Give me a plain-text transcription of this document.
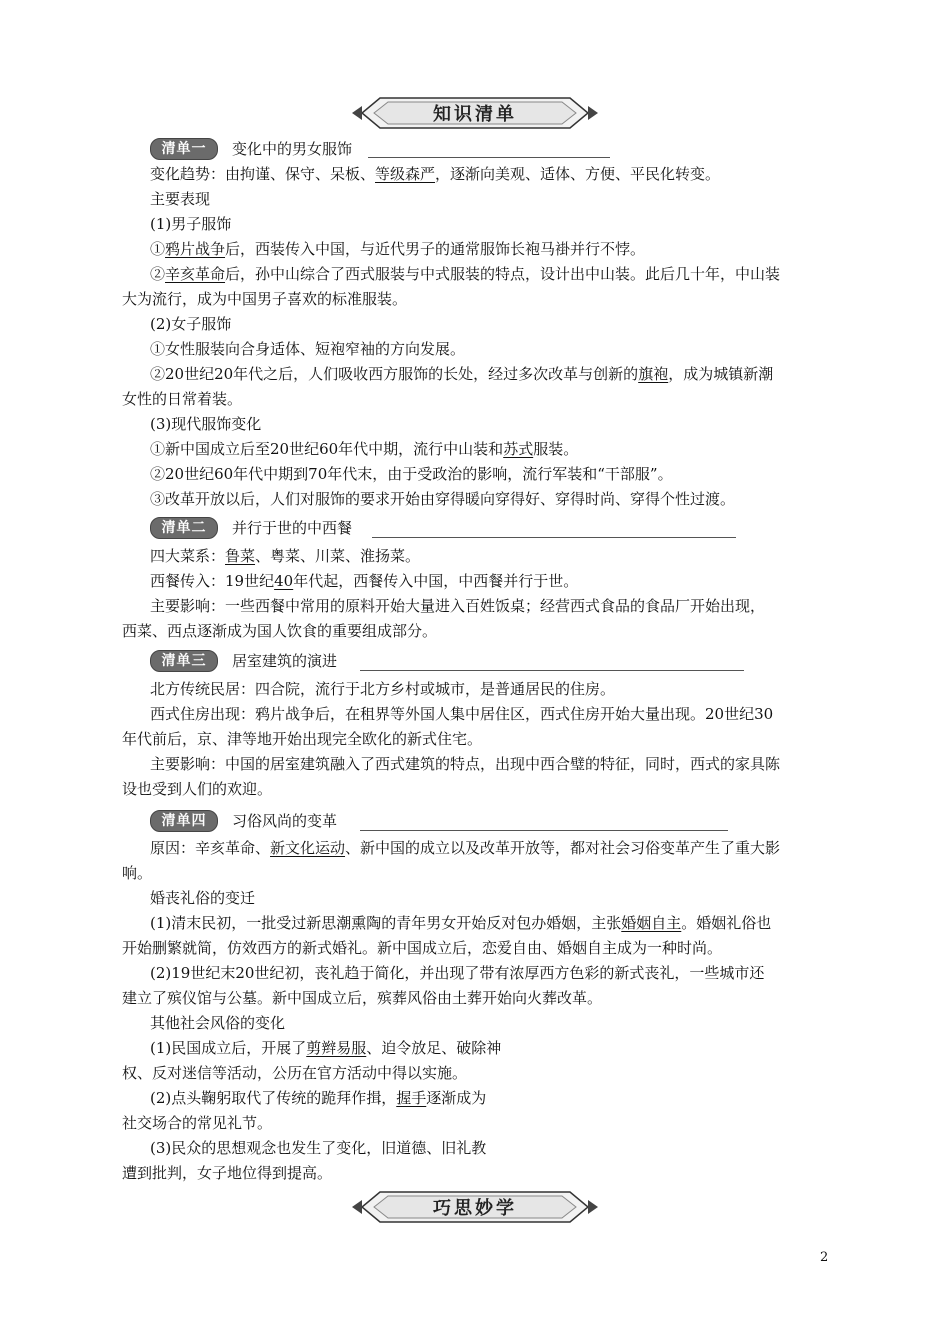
知识清单
清单一	变化中的男女服饰
变化趋势：由拘谨、保守、呆板、等级森严，逐渐向美观、适体、方便、平民化转变。
主要表现
(1)男子服饰
①鸦片战争后，西装传入中国，与近代男子的通常服饰长袍马褂并行不悖。
②辛亥革命后，孙中山综合了西式服装与中式服装的特点，设计出中山装。此后几十年，中山装
大为流行，成为中国男子喜欢的标准服装。
(2)女子服饰
①女性服装向合身适体、短袍窄袖的方向发展。
②20世纪20年代之后，人们吸收西方服饰的长处，经过多次改革与创新的旗袍，成为城镇新潮
女性的日常着装。
(3)现代服饰变化
①新中国成立后至20世纪60年代中期，流行中山装和苏式服装。
②20世纪60年代中期到70年代末，由于受政治的影响，流行军装和“干部服”。
③改革开放以后，人们对服饰的要求开始由穿得暖向穿得好、穿得时尚、穿得个性过渡。
清单二	并行于世的中西餐
四大菜系：鲁菜、粤菜、川菜、淮扬菜。
西餐传入：19世纪40年代起，西餐传入中国，中西餐并行于世。
主要影响：一些西餐中常用的原料开始大量进入百姓饭桌；经营西式食品的食品厂开始出现，
西菜、西点逐渐成为国人饮食的重要组成部分。
清单三	居室建筑的演进
北方传统民居：四合院，流行于北方乡村或城市，是普通居民的住房。
西式住房出现：鸦片战争后，在租界等外国人集中居住区，西式住房开始大量出现。20世纪30
年代前后，京、津等地开始出现完全欧化的新式住宅。
主要影响：中国的居室建筑融入了西式建筑的特点，出现中西合璧的特征，同时，西式的家具陈
设也受到人们的欢迎。
清单四	习俗风尚的变革
原因：辛亥革命、新文化运动、新中国的成立以及改革开放等，都对社会习俗变革产生了重大影
响。
婚丧礼俗的变迁
(1)清末民初，一批受过新思潮熏陶的青年男女开始反对包办婚姻，主张婚姻自主。婚姻礼俗也
开始删繁就简，仿效西方的新式婚礼。新中国成立后，恋爱自由、婚姻自主成为一种时尚。
(2)19世纪末20世纪初，丧礼趋于简化，并出现了带有浓厚西方色彩的新式丧礼，一些城市还
建立了殡仪馆与公墓。新中国成立后，殡葬风俗由土葬开始向火葬改革。
其他社会风俗的变化
(1)民国成立后，开展了剪辫易服、迫令放足、破除神
权、反对迷信等活动，公历在官方活动中得以实施。
(2)点头鞠躬取代了传统的跪拜作揖，握手逐渐成为
社交场合的常见礼节。
(3)民众的思想观念也发生了变化，旧道德、旧礼教
遭到批判，女子地位得到提高。
巧思妙学
2
